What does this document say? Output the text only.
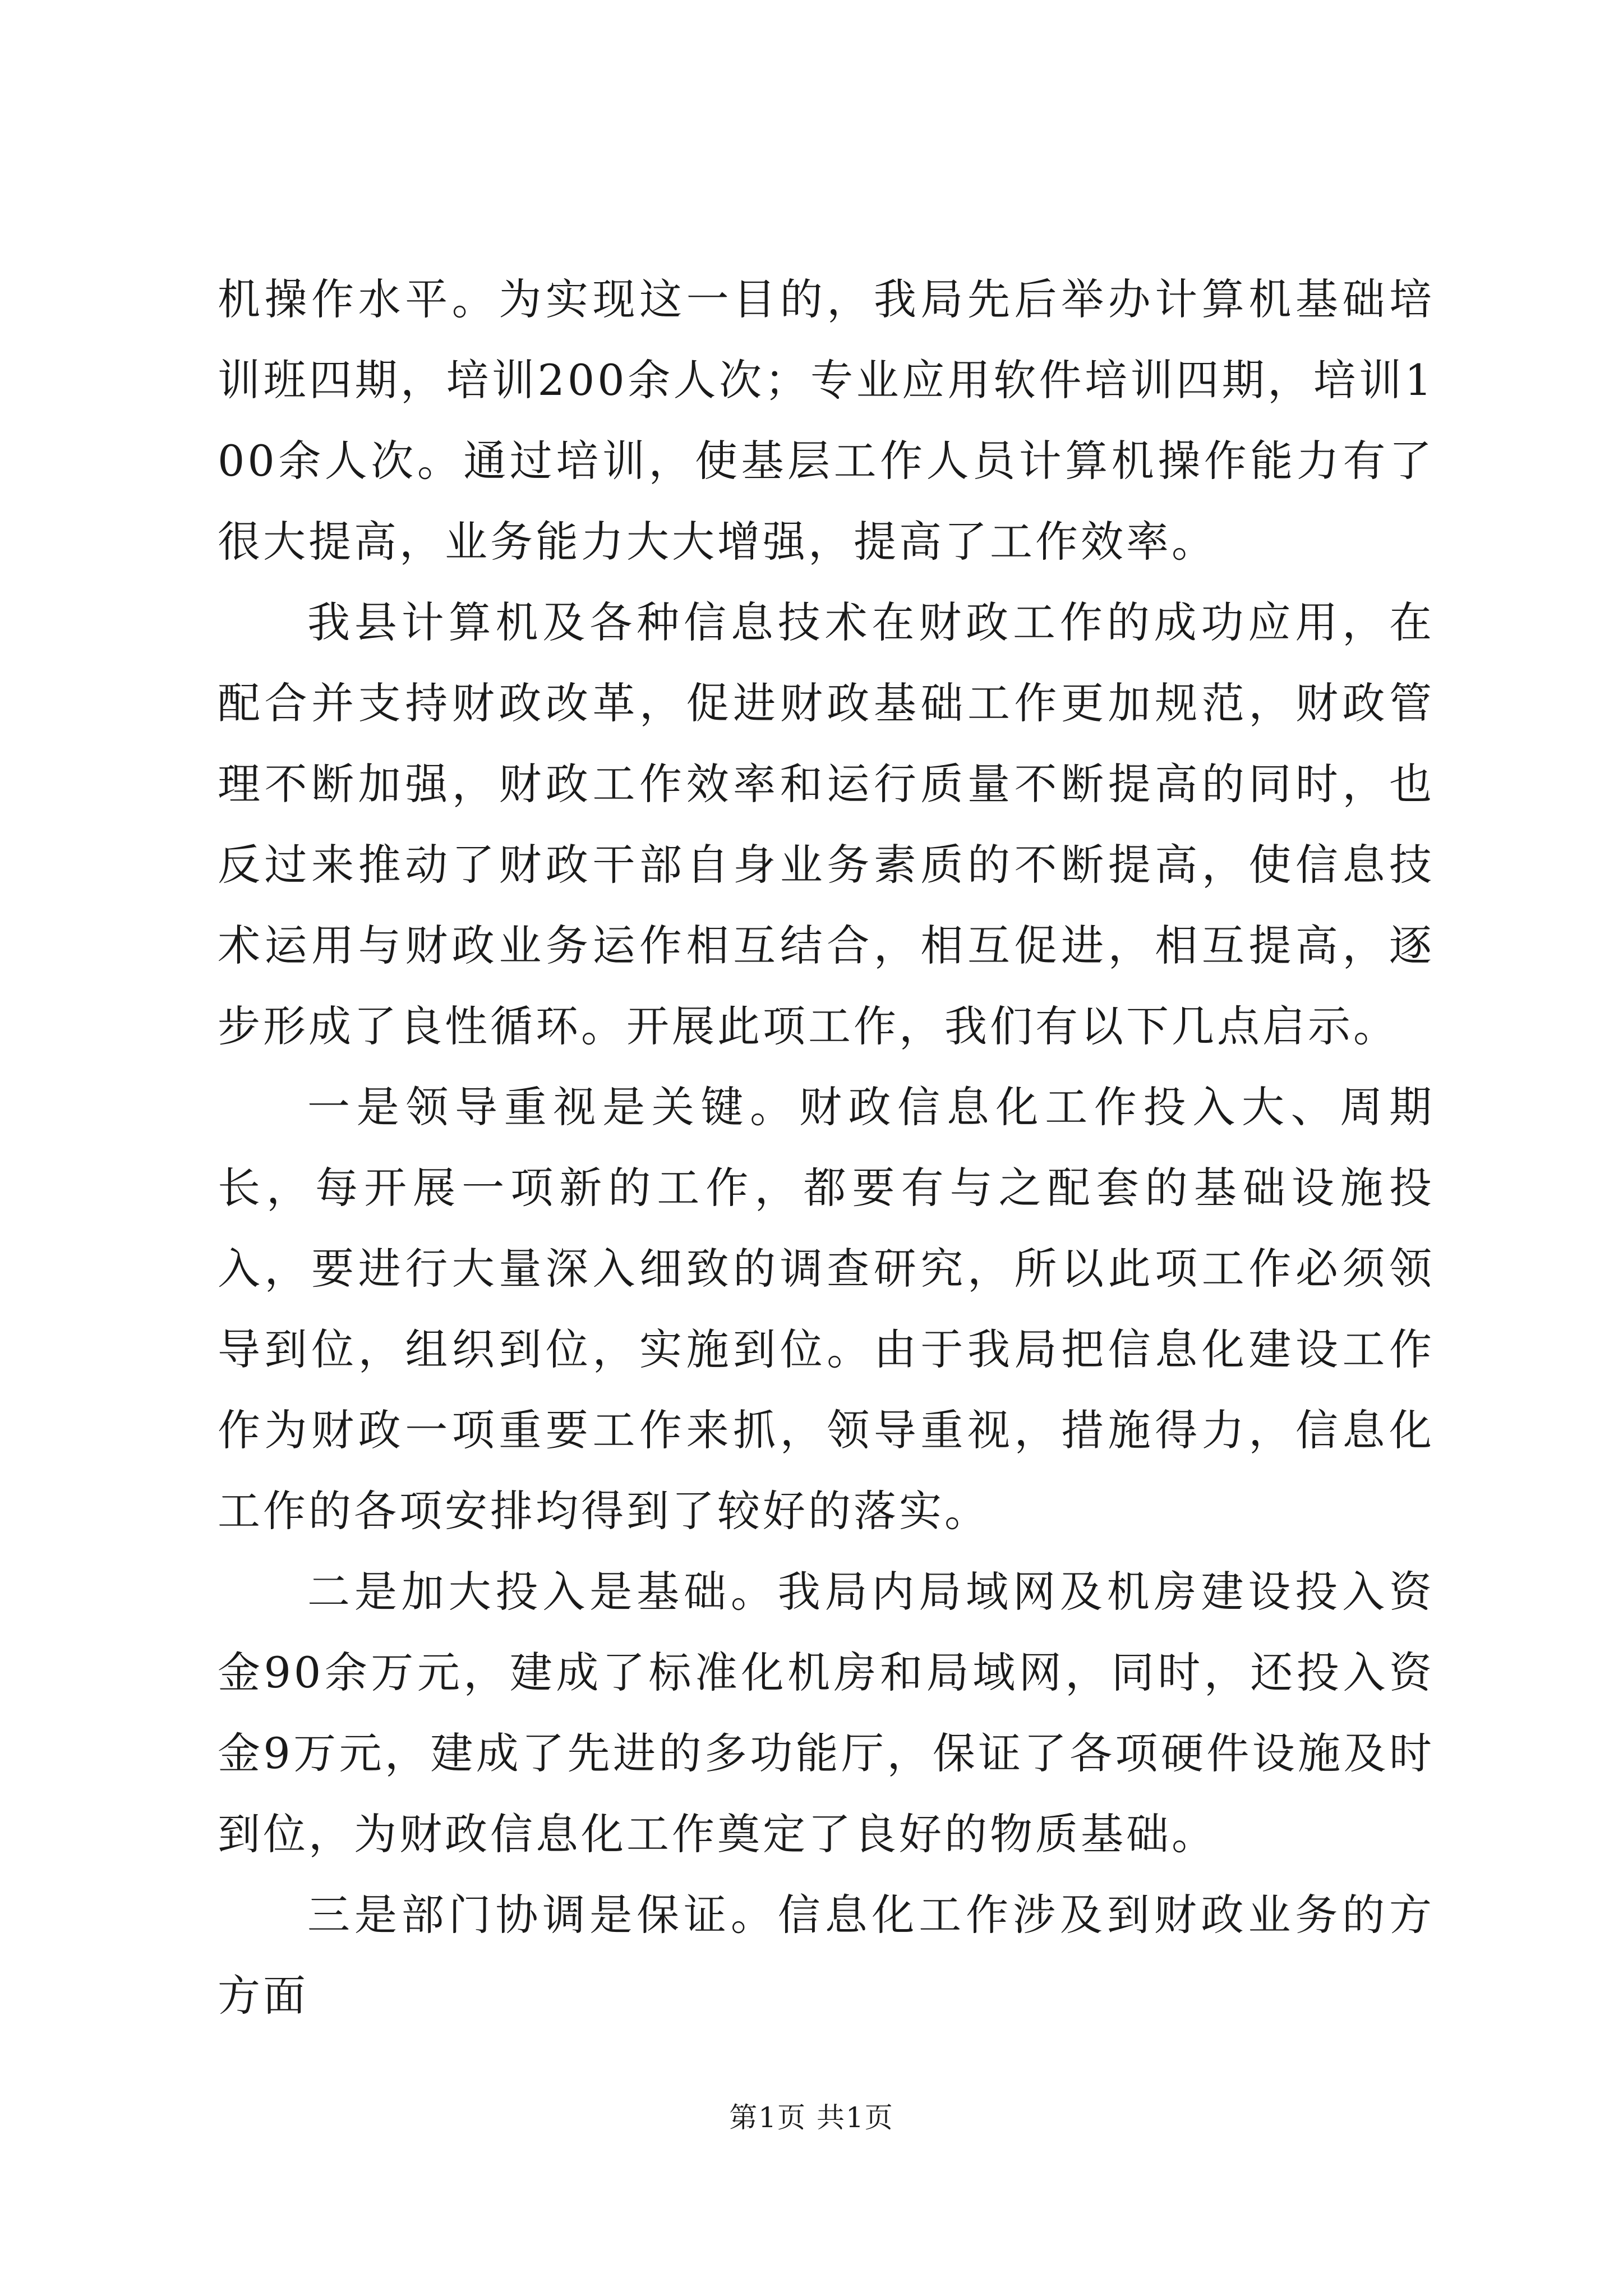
机操作水平。为实现这一目的，我局先后举办计算机基础培训班四期，培训200余人次；专业应用软件培训四期，培训100余人次。通过培训，使基层工作人员计算机操作能力有了很大提高，业务能力大大增强，提高了工作效率。

我县计算机及各种信息技术在财政工作的成功应用，在配合并支持财政改革，促进财政基础工作更加规范，财政管理不断加强，财政工作效率和运行质量不断提高的同时，也反过来推动了财政干部自身业务素质的不断提高，使信息技术运用与财政业务运作相互结合，相互促进，相互提高，逐步形成了良性循环。开展此项工作，我们有以下几点启示。

一是领导重视是关键。财政信息化工作投入大、周期长，每开展一项新的工作，都要有与之配套的基础设施投入，要进行大量深入细致的调查研究，所以此项工作必须领导到位，组织到位，实施到位。由于我局把信息化建设工作作为财政一项重要工作来抓，领导重视，措施得力，信息化工作的各项安排均得到了较好的落实。

二是加大投入是基础。我局内局域网及机房建设投入资金90余万元，建成了标准化机房和局域网，同时，还投入资金9万元，建成了先进的多功能厅，保证了各项硬件设施及时到位，为财政信息化工作奠定了良好的物质基础。

三是部门协调是保证。信息化工作涉及到财政业务的方方面

第1页 共1页
